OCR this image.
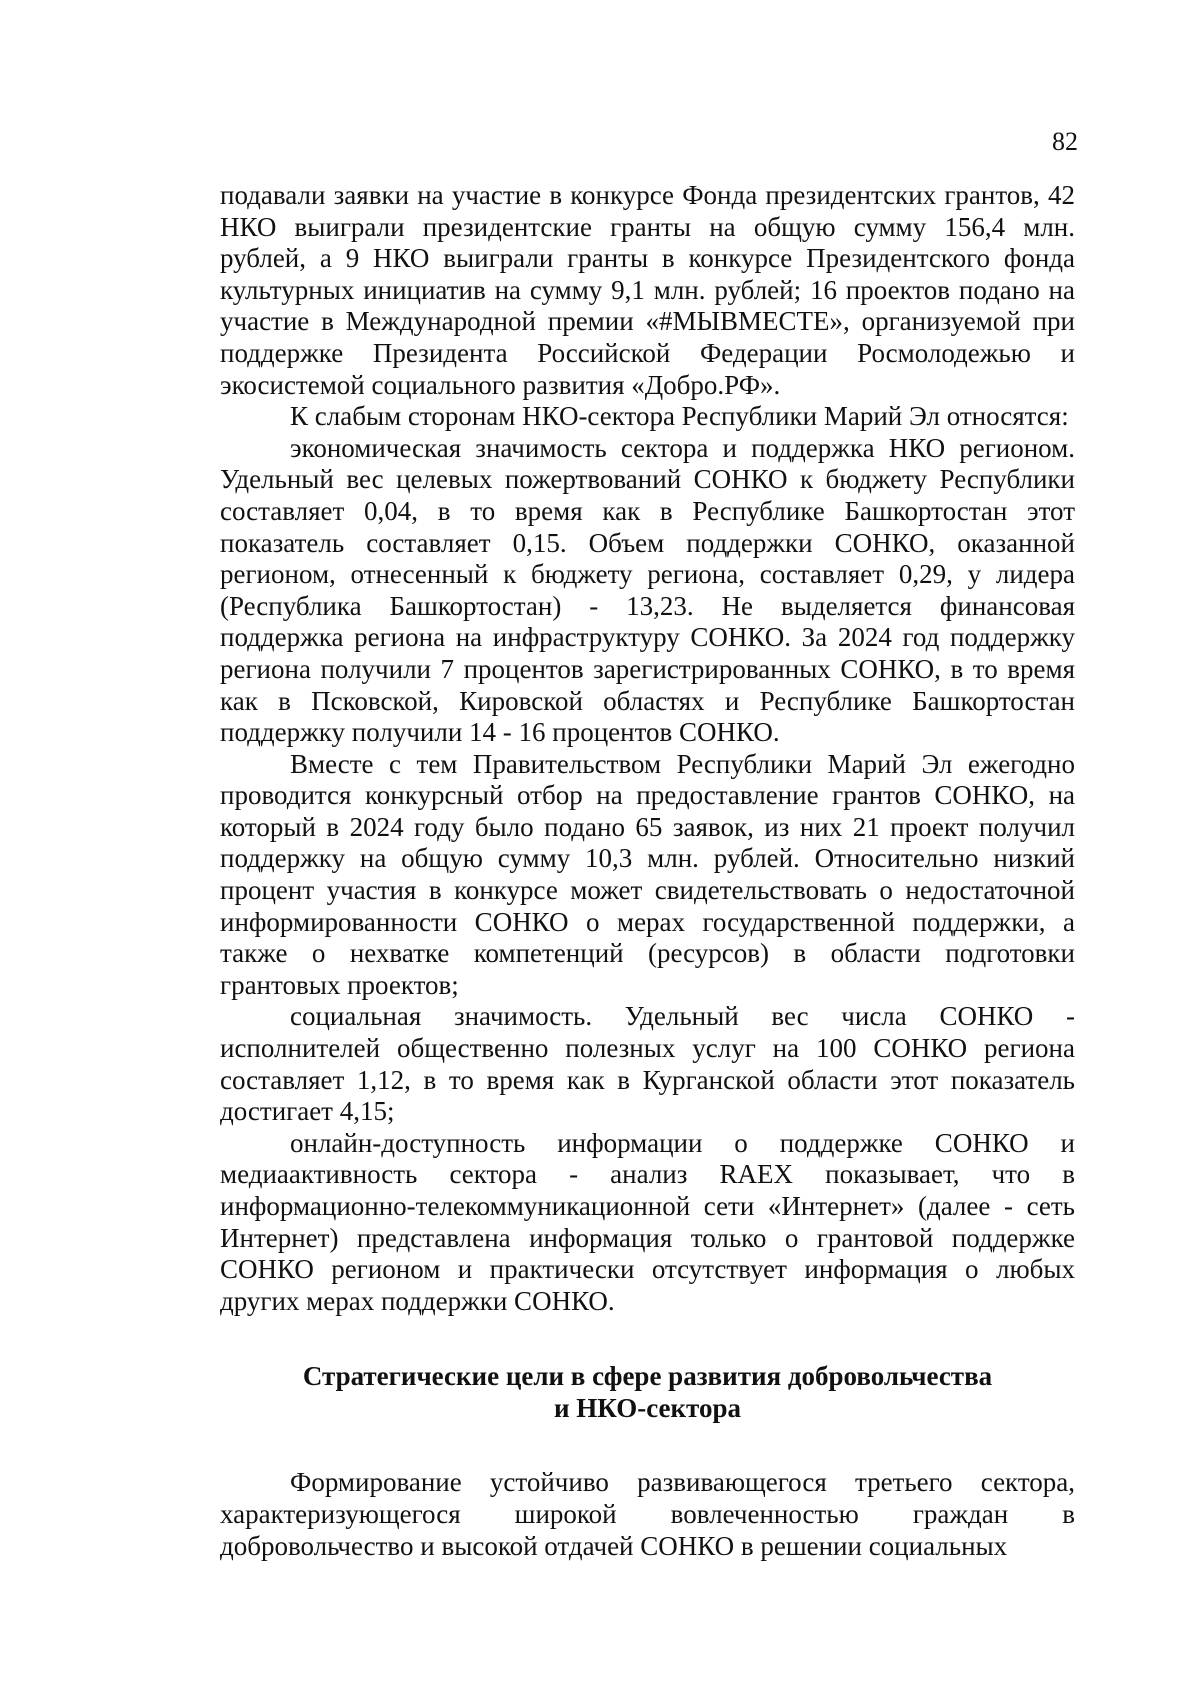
82

подавали заявки на участие в конкурсе Фонда президентских грантов, 42 НКО выиграли президентские гранты на общую сумму 156,4 млн. рублей, а 9 НКО выиграли гранты в конкурсе Президентского фонда культурных инициатив на сумму 9,1 млн. рублей; 16 проектов подано на участие в Международной премии «#МЫВМЕСТЕ», организуемой при поддержке Президента Российской Федерации Росмолодежью и экосистемой социального развития «Добро.РФ».

К слабым сторонам НКО-сектора Республики Марий Эл относятся:

экономическая значимость сектора и поддержка НКО регионом. Удельный вес целевых пожертвований СОНКО к бюджету Республики составляет 0,04, в то время как в Республике Башкортостан этот показатель составляет 0,15. Объем поддержки СОНКО, оказанной регионом, отнесенный к бюджету региона, составляет 0,29, у лидера (Республика Башкортостан) - 13,23. Не выделяется финансовая поддержка региона на инфраструктуру СОНКО. За 2024 год поддержку региона получили 7 процентов зарегистрированных СОНКО, в то время как в Псковской, Кировской областях и Республике Башкортостан поддержку получили 14 - 16 процентов СОНКО.

Вместе с тем Правительством Республики Марий Эл ежегодно проводится конкурсный отбор на предоставление грантов СОНКО, на который в 2024 году было подано 65 заявок, из них 21 проект получил поддержку на общую сумму 10,3 млн. рублей. Относительно низкий процент участия в конкурсе может свидетельствовать о недостаточной информированности СОНКО о мерах государственной поддержки, а также о нехватке компетенций (ресурсов) в области подготовки грантовых проектов;

социальная значимость. Удельный вес числа СОНКО - исполнителей общественно полезных услуг на 100 СОНКО региона составляет 1,12, в то время как в Курганской области этот показатель достигает 4,15;

онлайн-доступность информации о поддержке СОНКО и медиаактивность сектора - анализ RAEX показывает, что в информационно-телекоммуникационной сети «Интернет» (далее - сеть Интернет) представлена информация только о грантовой поддержке СОНКО регионом и практически отсутствует информация о любых других мерах поддержки СОНКО.

Стратегические цели в сфере развития добровольчества
и НКО-сектора

Формирование устойчиво развивающегося третьего сектора, характеризующегося широкой вовлеченностью граждан в добровольчество и высокой отдачей СОНКО в решении социальных
